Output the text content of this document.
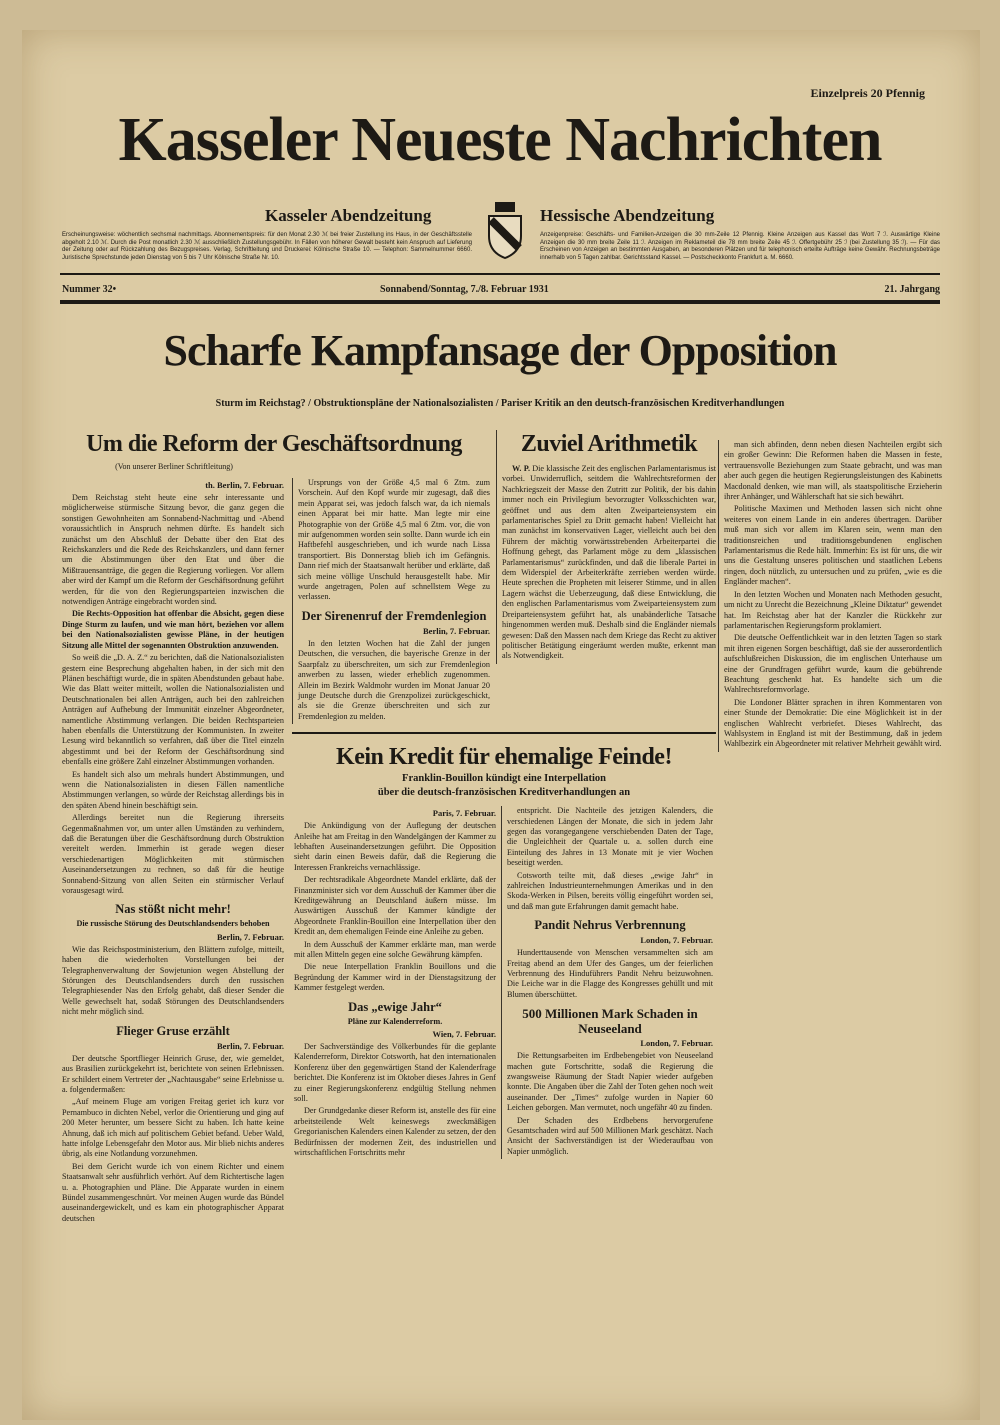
Einzelpreis 20 Pfennig
Kasseler Neueste Nachrichten
Kasseler Abendzeitung	Hessische Abendzeitung
Erscheinungsweise: wöchentlich sechsmal nachmittags. Abonnementspreis: für den Monat 2.30 ℳ bei freier Zustellung ins Haus, in der Geschäftsstelle abgeholt 2.10 ℳ. Durch die Post monatlich 2.30 ℳ ausschließlich Zustellungsgebühr. In Fällen von höherer Gewalt besteht kein Anspruch auf Lieferung der Zeitung oder auf Rückzahlung des Bezugspreises. Verlag, Schriftleitung und Druckerei: Kölnische Straße 10. — Telephon: Sammelnummer 6660. Juristische Sprechstunde jeden Dienstag von 5 bis 7 Uhr Kölnische Straße Nr. 10.
Anzeigenpreise: Geschäfts- und Familien-Anzeigen die 30 mm-Zeile 12 Pfennig. Kleine Anzeigen aus Kassel das Wort 7 ℐ. Auswärtige Kleine Anzeigen die 30 mm breite Zeile 11 ℐ. Anzeigen im Reklameteil die 78 mm breite Zeile 45 ℐ. Offertgebühr 25 ℐ (bei Zustellung 35 ℐ). — Für das Erscheinen von Anzeigen an bestimmten Ausgaben, an besonderen Plätzen und für telephonisch erteilte Aufträge keine Gewähr. Rechnungsbeträge innerhalb von 5 Tagen zahlbar. Gerichtsstand Kassel. — Postscheckkonto Frankfurt a. M. 6660.
Nummer 32•	Sonnabend/Sonntag, 7./8. Februar 1931	21. Jahrgang
Scharfe Kampfansage der Opposition
Sturm im Reichstag? / Obstruktionspläne der Nationalsozialisten / Pariser Kritik an den deutsch-französischen Kreditverhandlungen
Um die Reform der Geschäftsordnung
(Von unserer Berliner Schriftleitung)
th. Berlin, 7. Februar.

Dem Reichstag steht heute eine sehr interessante und möglicherweise stürmische Sitzung bevor, die ganz gegen die sonstigen Gewohnheiten am Sonnabend-Nachmittag und -Abend voraussichtlich in Anspruch nehmen dürfte. Es handelt sich zunächst um den Abschluß der Debatte über den Etat des Reichskanzlers und die Rede des Reichskanzlers, und dann ferner um die Abstimmungen über den Etat und über die Mißtrauensanträge, die gegen die Regierung vorliegen. Vor allem aber wird der Kampf um die Reform der Geschäftsordnung geführt werden, für die von den Regierungsparteien inzwischen die notwendigen Anträge eingebracht worden sind.

Die Rechts-Opposition hat offenbar die Absicht, gegen diese Dinge Sturm zu laufen, und wie man hört, beziehen vor allem bei den Nationalsozialisten gewisse Pläne, in der heutigen Sitzung alle Mittel der sogenannten Obstruktion anzuwenden.

So weiß die „D. A. Z.“ zu berichten, daß die Nationalsozialisten gestern eine Besprechung abgehalten haben, in der sich mit den Plänen beschäftigt wurde, die in späten Abendstunden gebaut habe. Wie das Blatt weiter mitteilt, wollen die Nationalsozialisten und Deutschnationalen bei allen Anträgen, auch bei den zahlreichen Anträgen auf Aufhebung der Immunität einzelner Abgeordneter, namentliche Abstimmung verlangen. Die beiden Rechtsparteien haben ebenfalls die Unterstützung der Kommunisten. In zweiter Lesung wird bekanntlich so verfahren, daß über die Titel einzeln abgestimmt und bei der Reform der Geschäftsordnung sind ebenfalls eine größere Zahl einzelner Abstimmungen vorhanden.

Es handelt sich also um mehrals hundert Abstimmungen, und wenn die Nationalsozialisten in diesen Fällen namentliche Abstimmungen verlangen, so würde der Reichstag allerdings bis in den späten Abend hinein beschäftigt sein.

Allerdings bereitet nun die Regierung ihrerseits Gegenmaßnahmen vor, um unter allen Umständen zu verhindern, daß die Beratungen über die Geschäftsordnung durch Obstruktion vereitelt werden. Immerhin ist gerade wegen dieser verschiedenartigen Möglichkeiten mit stürmischen Auseinandersetzungen zu rechnen, so daß für die heutige Sonnabend-Sitzung von allen Seiten ein stürmischer Verlauf vorausgesagt wird.

Nas stößt nicht mehr!
Die russische Störung des Deutschlandsenders behoben
Berlin, 7. Februar.

Wie das Reichspostministerium, den Blättern zufolge, mitteilt, haben die wiederholten Vorstellungen bei der Telegraphenverwaltung der Sowjetunion wegen Abstellung der Störungen des Deutschlandsenders durch den russischen Telegraphiesender Nas den Erfolg gehabt, daß dieser Sender die Welle gewechselt hat, sodaß Störungen des Deutschlandsenders nicht mehr möglich sind.

Flieger Gruse erzählt
Berlin, 7. Februar.

Der deutsche Sportflieger Heinrich Gruse, der, wie gemeldet, aus Brasilien zurückgekehrt ist, berichtete von seinen Erlebnissen. Er schildert einem Vertreter der „Nachtausgabe“ seine Erlebnisse u. a. folgendermaßen:

„Auf meinem Fluge am vorigen Freitag geriet ich kurz vor Pernambuco in dichten Nebel, verlor die Orientierung und ging auf 200 Meter herunter, um bessere Sicht zu haben. Ich hatte keine Ahnung, daß ich mich auf politischem Gebiet befand. Ueber Wald, hatte infolge Lebensgefahr den Motor aus. Mir blieb nichts anderes übrig, als eine Notlandung vorzunehmen.

Bei dem Gericht wurde ich von einem Richter und einem Staatsanwalt sehr ausführlich verhört. Auf dem Richtertische lagen u. a. Photographien und Pläne. Die Apparate wurden in einem Bündel zusammengeschnürt. Vor meinen Augen wurde das Bündel auseinandergewickelt, und es kam ein photographischer Apparat deutschen

Ursprungs von der Größe 4,5 mal 6 Ztm. zum Vorschein. Auf den Kopf wurde mir zugesagt, daß dies mein Apparat sei, was jedoch falsch war, da ich niemals einen Apparat bei mir hatte. Man legte mir eine Photographie von der Größe 4,5 mal 6 Ztm. vor, die von mir aufgenommen worden sein sollte. Dann wurde ich ein Haftbefehl ausgeschrieben, und ich wurde nach Lissa transportiert. Bis Donnerstag blieb ich im Gefängnis. Dann rief mich der Staatsanwalt herüber und erklärte, daß sich meine völlige Unschuld herausgestellt habe. Mir wurde angetragen, Polen auf schnellstem Wege zu verlassen.

Der Sirenenruf der Fremdenlegion
Berlin, 7. Februar.

In den letzten Wochen hat die Zahl der jungen Deutschen, die versuchen, die bayerische Grenze in der Saarpfalz zu überschreiten, um sich zur Fremdenlegion anwerben zu lassen, wieder erheblich zugenommen. Allein im Bezirk Waldmohr wurden im Monat Januar 20 junge Deutsche durch die Grenzpolizei zurückgeschickt, als sie die Grenze überschreiten und sich zur Fremdenlegion zu melden.

Zuviel Arithmetik

W. P. Die klassische Zeit des englischen Parlamentarismus ist vorbei. Unwiderruflich, seitdem die Wahlrechtsreformen der Nachkriegszeit der Masse den Zutritt zur Politik, der bis dahin immer noch ein Privilegium bevorzugter Volksschichten war, geöffnet und aus dem alten Zweiparteiensystem ein parlamentarisches Spiel zu Dritt gemacht haben! Vielleicht hat man zunächst im konservativen Lager, vielleicht auch bei den Führern der mächtig vorwärtsstrebenden Arbeiterpartei die Hoffnung gehegt, das Parlament möge zu dem „klassischen Parlamentarismus“ zurückfinden, und daß die liberale Partei in dem Widerspiel der Arbeiterkräfte zerrieben werden würde. Heute sprechen die Propheten mit leiserer Stimme, und in allen Lagern wächst die Ueberzeugung, daß diese Entwicklung, die den englischen Parlamentarismus vom Zweiparteiensystem zum Dreiparteiensystem geführt hat, als unabänderliche Tatsache hingenommen werden muß. Deshalb sind die Engländer niemals gewesen: Daß den Massen nach dem Kriege das Recht zu aktiver politischer Betätigung eingeräumt werden mußte, erkennt man als Notwendigkeit.

Kein Kredit für ehemalige Feinde!
Franklin-Bouillon kündigt eine Interpellation
über die deutsch-französischen Kreditverhandlungen an
Paris, 7. Februar.

Die Ankündigung von der Auflegung der deutschen Anleihe hat am Freitag in den Wandelgängen der Kammer zu lebhaften Auseinandersetzungen geführt. Die Opposition sieht darin einen Beweis dafür, daß die Regierung die Interessen Frankreichs vernachlässige.

Der rechtsradikale Abgeordnete Mandel erklärte, daß der Finanzminister sich vor dem Ausschuß der Kammer über die Kreditgewährung an Deutschland äußern müsse. Im Auswärtigen Ausschuß der Kammer kündigte der Abgeordnete Franklin-Bouillon eine Interpellation über den Kredit an, dem ehemaligen Feinde eine Anleihe zu geben.

In dem Ausschuß der Kammer erklärte man, man werde mit allen Mitteln gegen eine solche Gewährung kämpfen.

Die neue Interpellation Franklin Bouillons und die Begründung der Kammer wird in der Dienstagsitzung der Kammer festgelegt werden.

Das „ewige Jahr“
Pläne zur Kalenderreform.
Wien, 7. Februar.

Der Sachverständige des Völkerbundes für die geplante Kalenderreform, Direktor Cotsworth, hat den internationalen Konferenz über den gegenwärtigen Stand der Kalenderfrage berichtet. Die Konferenz ist im Oktober dieses Jahres in Genf zu einer Regierungskonferenz endgültig Stellung nehmen soll.

Der Grundgedanke dieser Reform ist, anstelle des für eine arbeitsteilende Welt keineswegs zweckmäßigen Gregorianischen Kalenders einen Kalender zu setzen, der den Bedürfnissen der modernen Zeit, des industriellen und wirtschaftlichen Fortschritts mehr

entspricht. Die Nachteile des jetzigen Kalenders, die verschiedenen Längen der Monate, die sich in jedem Jahr gegen das vorangegangene verschiebenden Daten der Tage, die Ungleichheit der Quartale u. a. sollen durch eine Einteilung des Jahres in 13 Monate mit je vier Wochen beseitigt werden.

Cotsworth teilte mit, daß dieses „ewige Jahr“ in zahlreichen Industrieunternehmungen Amerikas und in den Skoda-Werken in Pilsen, bereits völlig eingeführt worden sei, und daß man gute Erfahrungen damit gemacht habe.

Pandit Nehrus Verbrennung
London, 7. Februar.

Hunderttausende von Menschen versammelten sich am Freitag abend an dem Ufer des Ganges, um der feierlichen Verbrennung des Hinduführers Pandit Nehru beizuwohnen. Die Leiche war in die Flagge des Kongresses gehüllt und mit Blumen überschüttet.

500 Millionen Mark Schaden in Neuseeland
London, 7. Februar.

Die Rettungsarbeiten im Erdbebengebiet von Neuseeland machen gute Fortschritte, sodaß die Regierung die zwangsweise Räumung der Stadt Napier wieder aufgeben konnte. Die Angaben über die Zahl der Toten gehen noch weit auseinander. Der „Times“ zufolge wurden in Napier 60 Leichen geborgen. Man vermutet, noch ungefähr 40 zu finden.

Der Schaden des Erdbebens hervorgerufene Gesamtschaden wird auf 500 Millionen Mark geschätzt. Nach Ansicht der Sachverständigen ist der Wiederaufbau von Napier unmöglich.

man sich abfinden, denn neben diesen Nachteilen ergibt sich ein großer Gewinn: Die Reformen haben die Massen in feste, vertrauensvolle Beziehungen zum Staate gebracht, und was man aber auch gegen die heutigen Regierungsleistungen des Kabinetts Macdonald denken, wie man will, als staatspolitische Erzieherin ihrer Anhänger, und Wählerschaft hat sie sich bewährt.

Politische Maximen und Methoden lassen sich nicht ohne weiteres von einem Lande in ein anderes übertragen. Darüber muß man sich vor allem im Klaren sein, wenn man den traditionsreichen und traditionsgebundenen englischen Parlamentarismus die Rede hält. Immerhin: Es ist für uns, die wir uns die Gestaltung unseres politischen und staatlichen Lebens ringen, doch nützlich, zu untersuchen und zu prüfen, „wie es die Engländer machen“.

In den letzten Wochen und Monaten nach Methoden gesucht, um nicht zu Unrecht die Bezeichnung „Kleine Diktatur“ gewendet hat. Im Reichstag aber hat der Kanzler die Rückkehr zur parlamentarischen Regierungsform proklamiert.

Die deutsche Oeffentlichkeit war in den letzten Tagen so stark mit ihren eigenen Sorgen beschäftigt, daß sie der ausserordentlich aufschlußreichen Diskussion, die im englischen Unterhause um eine der Grundfragen geführt wurde, kaum die gebührende Beachtung geschenkt hat. Es handelte sich um die Wahlrechtsreformvorlage.

Die Londoner Blätter sprachen in ihren Kommentaren von einer Stunde der Demokratie: Die eine Möglichkeit ist in der englischen Wahlrecht verbriefet. Dieses Wahlrecht, das Wahlsystem in England ist mit der Bestimmung, daß in jedem Wahlbezirk ein Abgeordneter mit relativer Mehrheit gewählt wird.
